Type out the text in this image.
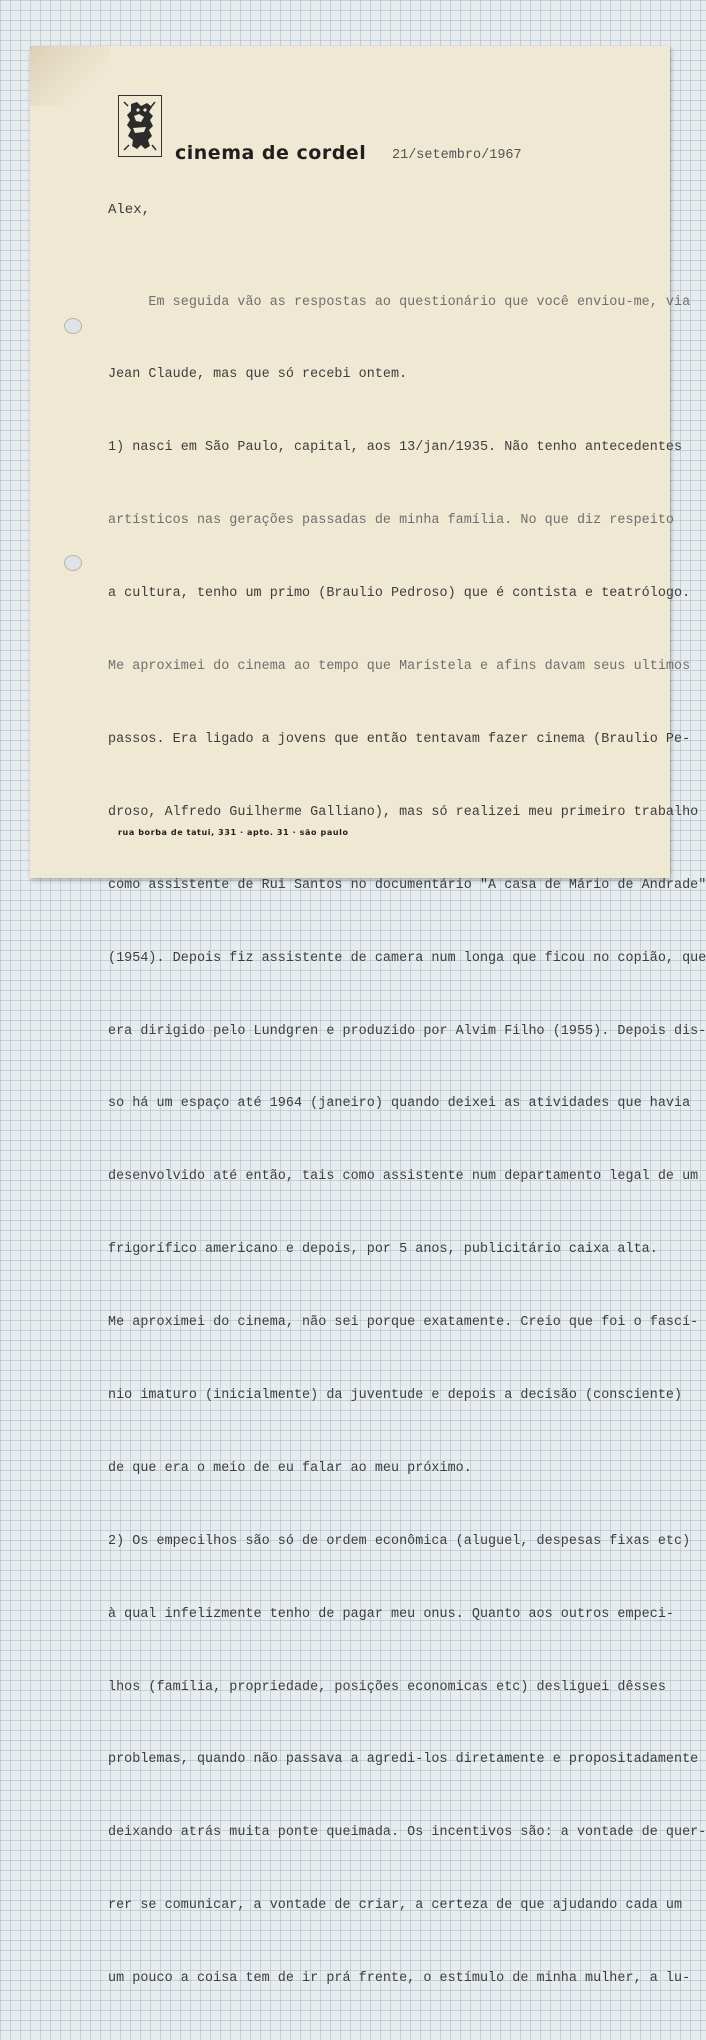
cinema de cordel 21/setembro/1967
Alex,

Em seguida vão as respostas ao questionário que você enviou-me, via

Jean Claude, mas que só recebi ontem.

1) nasci em São Paulo, capital, aos 13/jan/1935. Não tenho antecedentes

artísticos nas gerações passadas de minha família. No que diz respeito

a cultura, tenho um primo (Braulio Pedroso) que é contista e teatrólogo.

Me aproximei do cinema ao tempo que Maristela e afins davam seus ultimos

passos. Era ligado a jovens que então tentavam fazer cinema (Braulio Pe-

droso, Alfredo Guilherme Galliano), mas só realizei meu primeiro trabalho

como assistente de Rui Santos no documentário "A casa de Mário de Andrade"

(1954). Depois fiz assistente de camera num longa que ficou no copião, que

era dirigido pelo Lundgren e produzido por Alvim Filho (1955). Depois dis-

so há um espaço até 1964 (janeiro) quando deixei as atividades que havia

desenvolvido até então, tais como assistente num departamento legal de um

frigorífico americano e depois, por 5 anos, publicitário caixa alta.

Me aproximei do cinema, não sei porque exatamente. Creio que foi o fascí-

nio imaturo (inicialmente) da juventude e depois a decisão (consciente)

de que era o meio de eu falar ao meu próximo.

2) Os empecilhos são só de ordem econômica (aluguel, despesas fixas etc)

à qual infelizmente tenho de pagar meu onus. Quanto aos outros empeci-

lhos (família, propriedade, posições economicas etc) desliguei dêsses

problemas, quando não passava a agredi-los diretamente e propositadamente

deixando atrás muita ponte queimada. Os incentivos são: a vontade de quer-

rer se comunicar, a vontade de criar, a certeza de que ajudando cada um

um pouco a coisa tem de ir prá frente, o estímulo de minha mulher, a lu-

rua borba de tatui, 331 · apto. 31 · são paulo
